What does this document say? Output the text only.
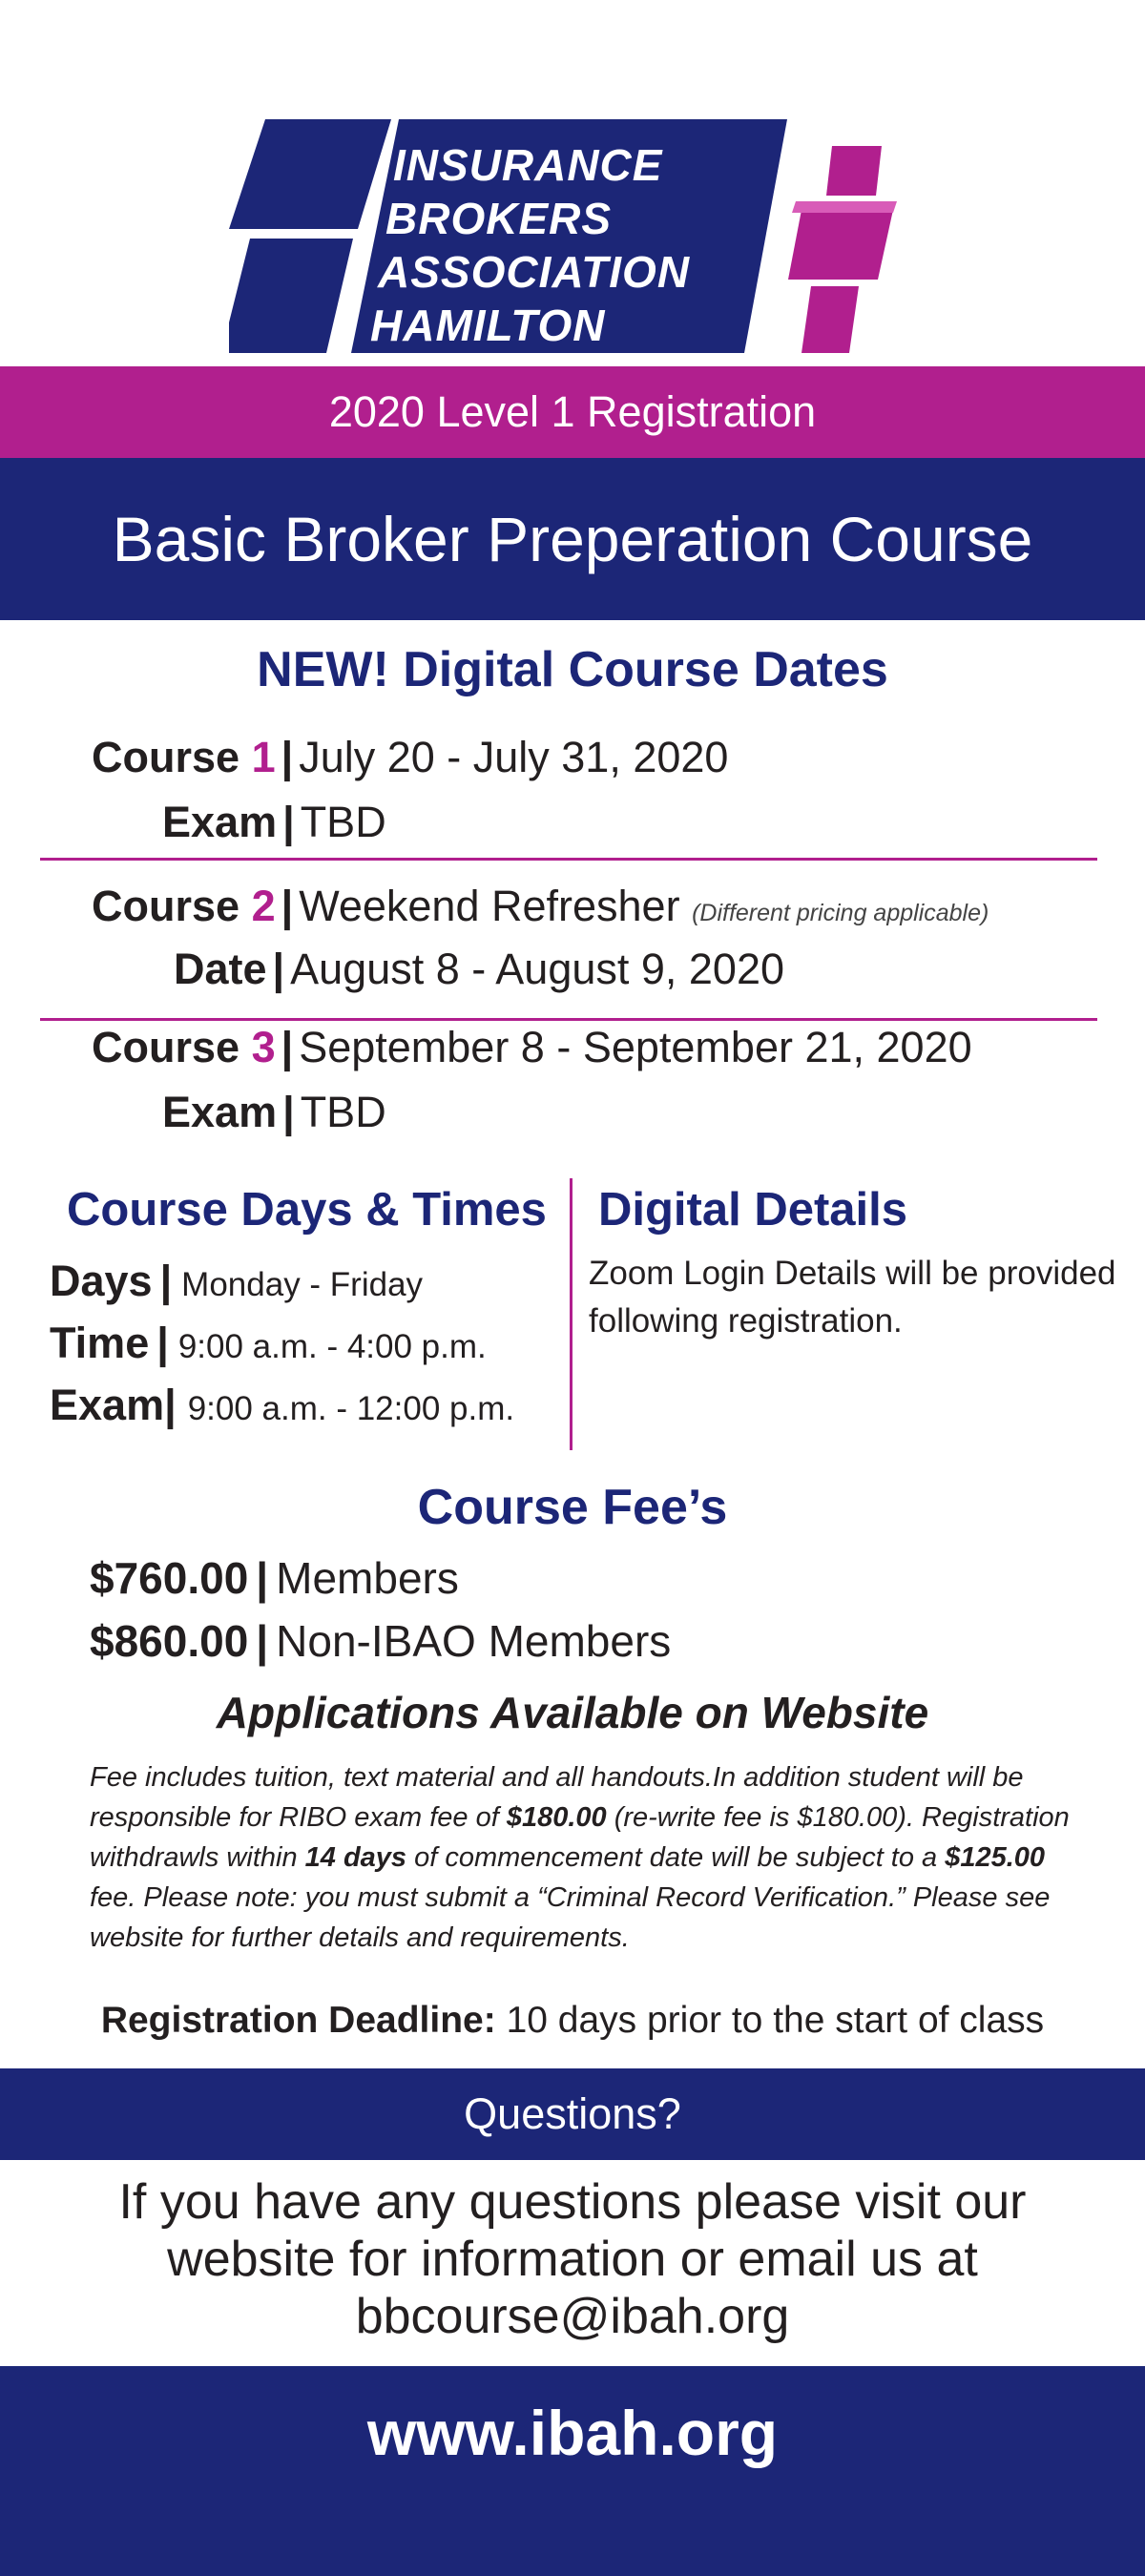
INSURANCE
BROKERS
ASSOCIATION
HAMILTON
2020 Level 1 Registration
Basic Broker Preperation Course
NEW! Digital Course Dates
Course 1 | July 20 - July 31, 2020
Exam | TBD
Course 2 | Weekend Refresher (Different pricing applicable)
Date | August 8 - August 9, 2020
Course 3 | September 8 - September 21, 2020
Exam | TBD
Course Days & Times Digital Details
Days | Monday - Friday
Time | 9:00 a.m. - 4:00 p.m.
Exam| 9:00 a.m. - 12:00 p.m.
Zoom Login Details will be provided following registration.
Course Fee’s
$760.00 | Members
$860.00 | Non-IBAO Members
Applications Available on Website
Fee includes tuition, text material and all handouts.In addition student will be responsible for RIBO exam fee of $180.00 (re-write fee is $180.00). Registration withdrawls within 14 days of commencement date will be subject to a $125.00 fee. Please note: you must submit a “Criminal Record Verification.” Please see website for further details and requirements.
Registration Deadline: 10 days prior to the start of class
Questions?
If you have any questions please visit our website for information or email us at bbcourse@ibah.org
www.ibah.org
